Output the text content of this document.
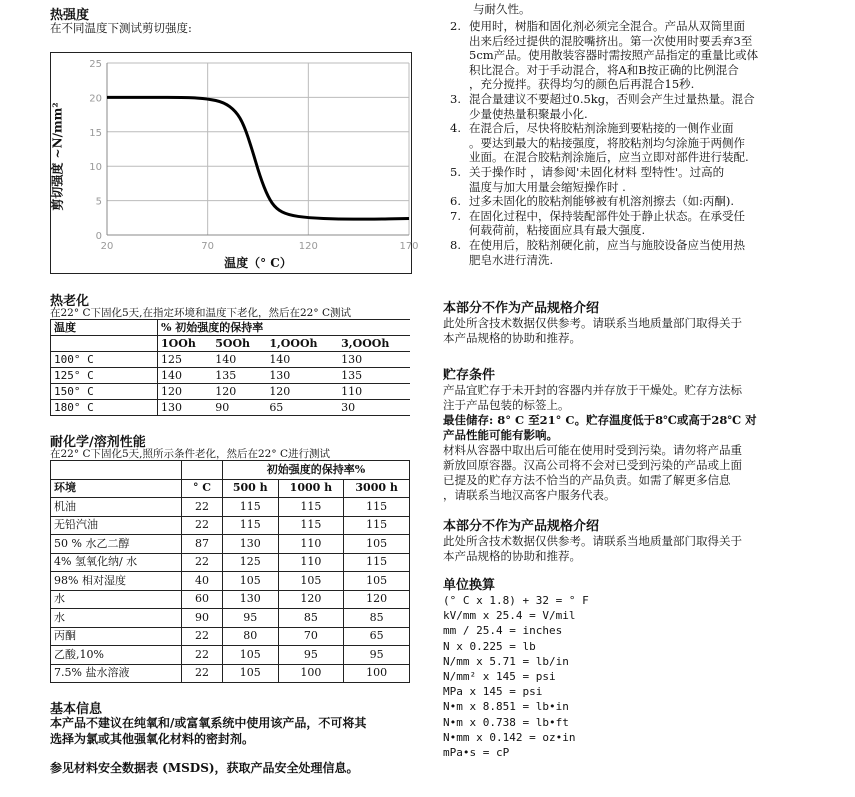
热强度
在不同温度下测试剪切强度:
0
5
10
15
20
25
20	70	120	170
温度（° C）
剪切强度 ~N/mm²
热老化
在22° C下固化5天,在指定环境和温度下老化，然后在22° C测试
温度	% 初始强度的保持率			
	1OOh	5OOh	1,OOOh	3,OOOh
100° C	125	140	140	130
125° C	140	135	130	135
150° C	120	120	120	110
180° C	130	90	65	30
耐化学/溶剂性能
在22° C下固化5天,照所示条件老化，然后在22° C进行测试
		初始强度的保持率%		
环境	° C	500 h	1000 h	3000 h
机油	22	115	115	115
无铅汽油	22	115	115	115
50 % 水乙二醇	87	130	110	105
4% 氢氧化纳/ 水	22	125	110	115
98% 相对湿度	40	105	105	105
水	60	130	120	120
水	90	95	85	85
丙酮	22	80	70	65
乙酸,10%	22	105	95	95
7.5% 盐水溶液	22	105	100	100
基本信息
本产品不建议在纯氧和/或富氧系统中使用该产品，不可将其
选择为氯或其他强氧化材料的密封剂。
参见材料安全数据表 (MSDS)，获取产品安全处理信息。
与耐久性。
2. 使用时，树脂和固化剂必须完全混合。产品从双筒里面
出来后经过提供的混胶嘴挤出。第一次使用时要丢弃3至
5cm产品。使用散装容器时需按照产品指定的重量比或体
积比混合。对于手动混合，将A和B按正确的比例混合
，充分搅拌。获得均匀的颜色后再混合15秒.
3. 混合量建议不要超过0.5kg，否则会产生过量热量。混合
少量使热量积聚最小化.
4. 在混合后，尽快将胶粘剂涂施到要粘接的一侧作业面
。要达到最大的粘接强度，将胶粘剂均匀涂施于两侧作
业面。在混合胶粘剂涂施后，应当立即对部件进行装配.
5. 关于操作时 ，请参阅'未固化材料 型特性'。过高的
温度与加大用量会缩短操作时 .
6. 过多未固化的胶粘剂能够被有机溶剂擦去（如:丙酮).
7. 在固化过程中，保持装配部件处于静止状态。在承受任
何载荷前，粘接面应具有最大强度.
8. 在使用后，胶粘剂硬化前，应当与施胶设备应当使用热
肥皂水进行清洗.
本部分不作为产品规格介绍
此处所含技术数据仅供参考。请联系当地质量部门取得关于
本产品规格的协助和推荐。
贮存条件
产品宜贮存于未开封的容器内并存放于干燥处。贮存方法标
注于产品包装的标签上。
最佳储存: 8° C 至21° C。贮存温度低于8℃或高于28℃ 对
产品性能可能有影响。
材料从容器中取出后可能在使用时受到污染。请勿将产品重
新放回原容器。汉高公司将不会对已受到污染的产品或上面
已提及的贮存方法不恰当的产品负责。如需了解更多信息
，请联系当地汉高客户服务代表。
本部分不作为产品规格介绍
此处所含技术数据仅供参考。请联系当地质量部门取得关于
本产品规格的协助和推荐。
单位换算
(° C x 1.8) + 32 = ° F
kV/mm x 25.4 = V/mil
mm / 25.4 = inches
N x 0.225 = lb
N/mm x 5.71 = lb/in
N/mm² x 145 = psi
MPa x 145 = psi
N•m x 8.851 = lb•in
N•m x 0.738 = lb•ft
N•mm x 0.142 = oz•in
mPa•s = cP
